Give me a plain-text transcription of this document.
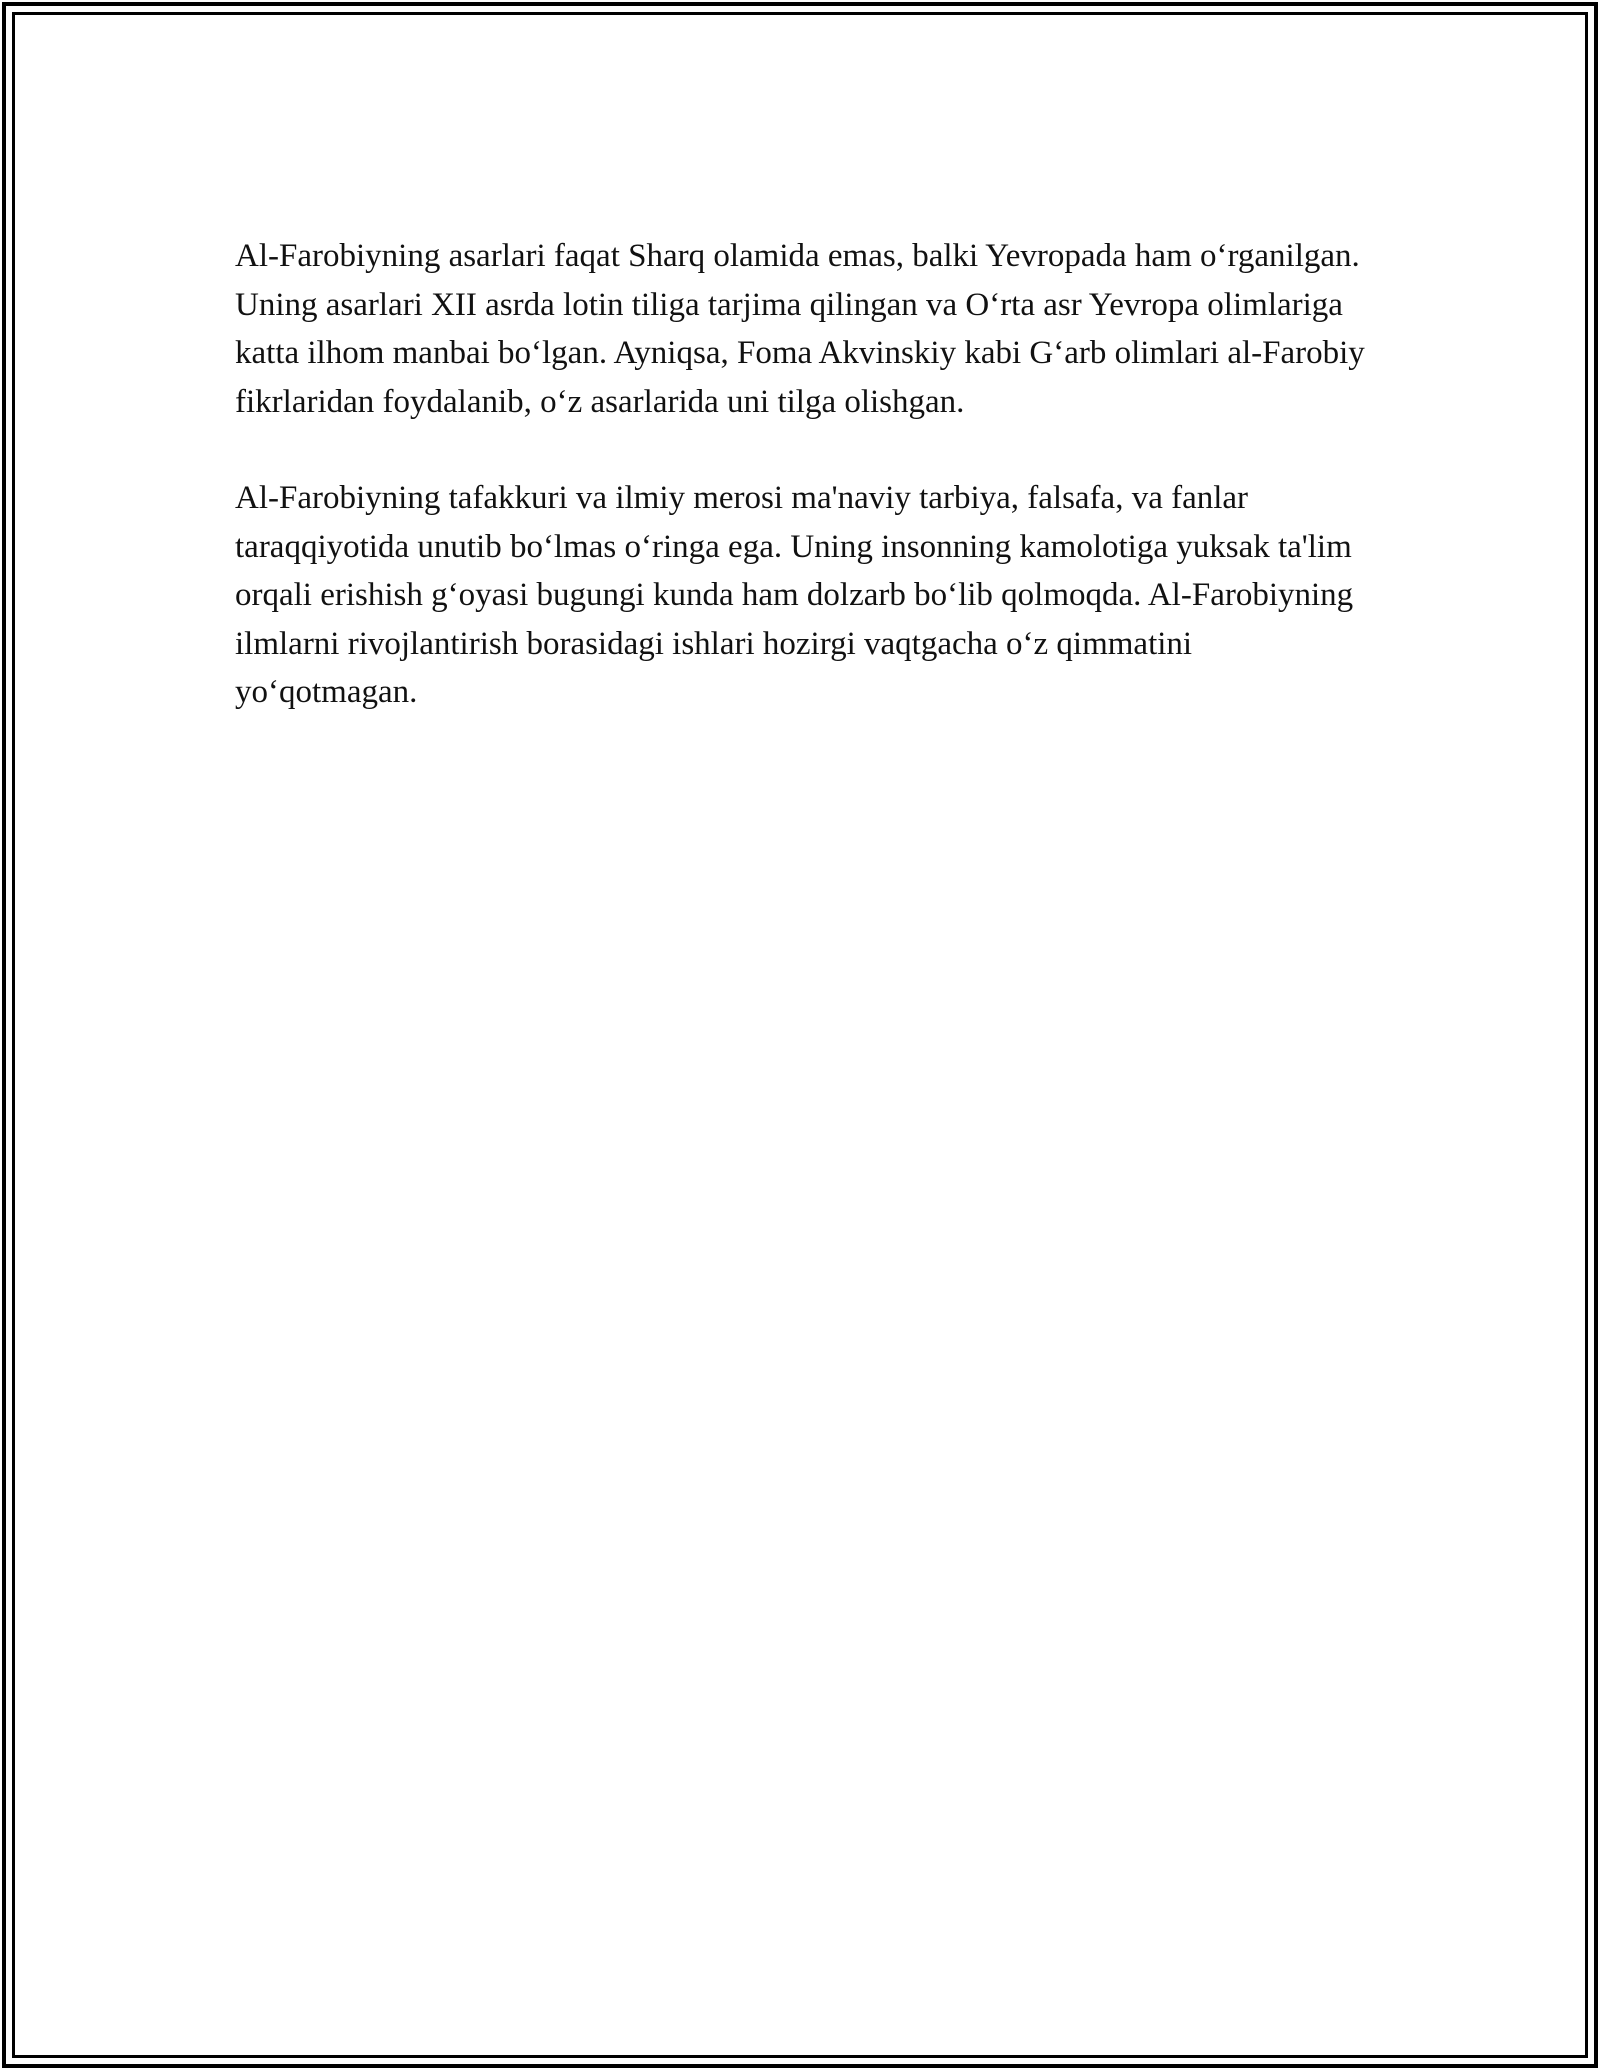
Al-Farobiyning asarlari faqat Sharq olamida emas, balki Yevropada ham o‘rganilgan. Uning asarlari XII asrda lotin tiliga tarjima qilingan va O‘rta asr Yevropa olimlariga katta ilhom manbai bo‘lgan. Ayniqsa, Foma Akvinskiy kabi G‘arb olimlari al-Farobiy fikrlaridan foydalanib, o‘z asarlarida uni tilga olishgan.

Al-Farobiyning tafakkuri va ilmiy merosi ma'naviy tarbiya, falsafa, va fanlar taraqqiyotida unutib bo‘lmas o‘ringa ega. Uning insonning kamolotiga yuksak ta'lim orqali erishish g‘oyasi bugungi kunda ham dolzarb bo‘lib qolmoqda. Al-Farobiyning ilmlarni rivojlantirish borasidagi ishlari hozirgi vaqtgacha o‘z qimmatini yo‘qotmagan.
